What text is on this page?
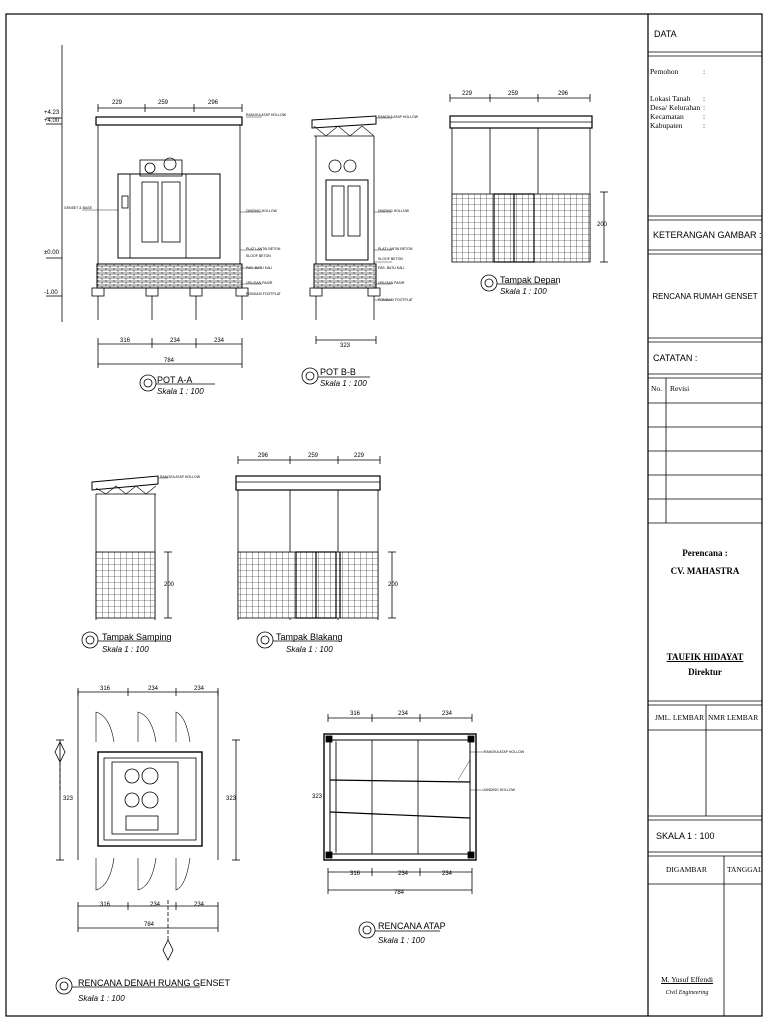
POT A-A
Skala 1 : 100
POT B-B
Skala 1 : 100
Tampak Depan
Skala 1 : 100
Tampak Samping
Skala 1 : 100
Tampak Blakang
Skala 1 : 100
RENCANA DENAH RUANG GENSET
Skala 1 : 100
RENCANA ATAP
Skala 1 : 100
229	259	296
+4.23
+4.00
±0.00
-1.00
316	234	234
784
323
229	259	296
200
200
296	259	229
200
316	234	234
323	323
316	234	234
784
316	234	234
323
316	234	234
784
RANGKA ATAP HOLLOW
GENSET & BASE
DINDING HOLLOW
PLAT LANTAI BETON
SLOOF BETON
PAS. BATU KALI
URUGAN PASIR
PONDASI FOOTPLAT
RANGKA ATAP HOLLOW
DINDING HOLLOW
PLAT LANTAI BETON
SLOOF BETON
PAS. BATU KALI
URUGAN PASIR
PONDASI FOOTPLAT
RANGKA ATAP HOLLOW
RANGKA ATAP HOLLOW
DINDING HOLLOW
DATA
Pemohon	:
Lokasi Tanah :
Desa/ Kelurahan :
Kecamatan	:
Kabupaten	:
KETERANGAN GAMBAR :
RENCANA RUMAH GENSET
CATATAN :
No. Revisi
Perencana :
CV. MAHASTRA
TAUFIK HIDAYAT
Direktur
JML. LEMBAR NMR LEMBAR
SKALA 1 : 100
DIGAMBAR	TANGGAL
M. Yusuf Effendi
Civil Engineering
